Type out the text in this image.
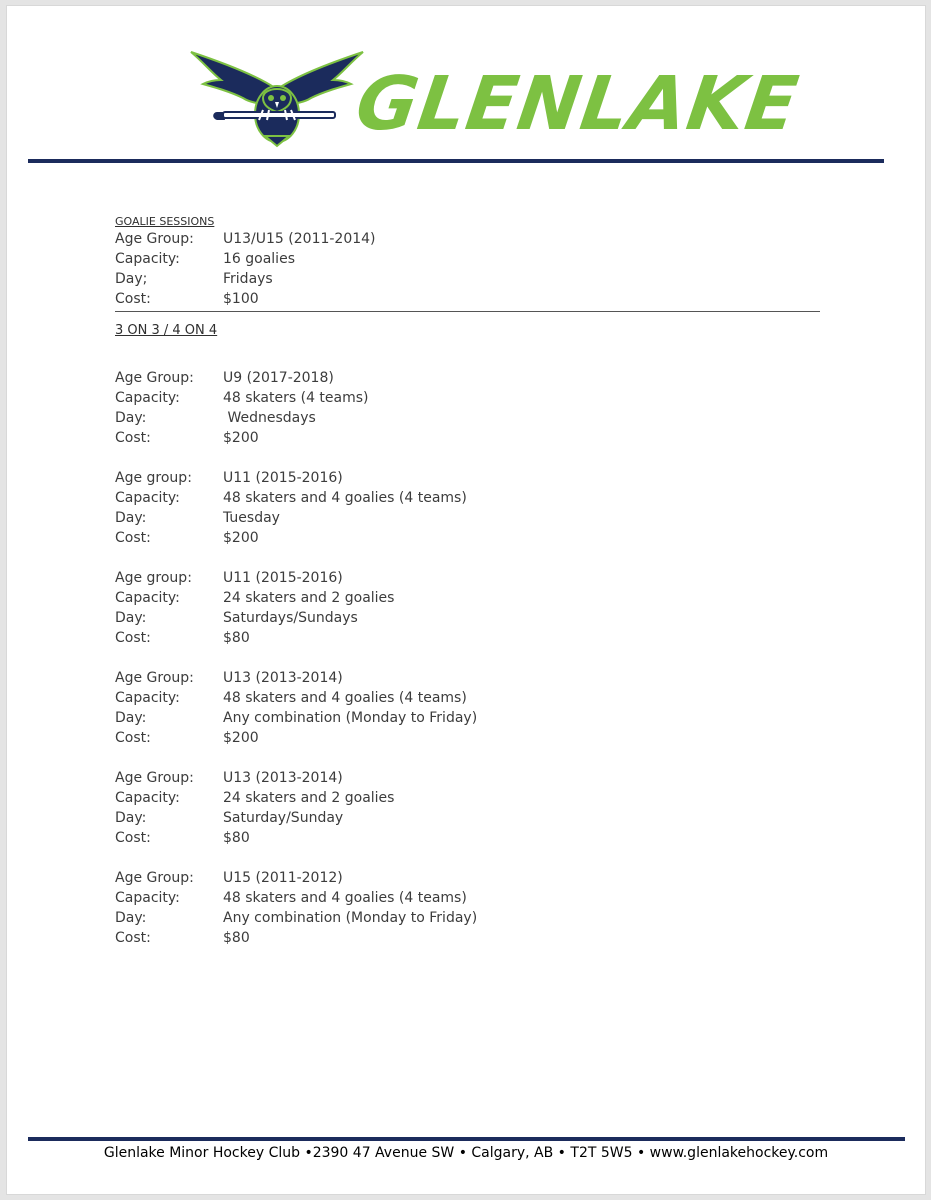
GLENLAKE
GOALIE SESSIONS
Age Group:	U13/U15 (2011-2014)
Capacity:	16 goalies
Day;	Fridays
Cost:	$100
3 ON 3 / 4 ON 4
Age Group:	U9 (2017-2018)
Capacity:	48 skaters (4 teams)
Day:	Wednesdays
Cost:	$200
Age group:	U11 (2015-2016)
Capacity:	48 skaters and 4 goalies (4 teams)
Day:	Tuesday
Cost:	$200
Age group:	U11 (2015-2016)
Capacity:	24 skaters and 2 goalies
Day:	Saturdays/Sundays
Cost:	$80
Age Group:	U13 (2013-2014)
Capacity:	48 skaters and 4 goalies (4 teams)
Day:	Any combination (Monday to Friday)
Cost:	$200
Age Group:	U13 (2013-2014)
Capacity:	24 skaters and 2 goalies
Day:	Saturday/Sunday
Cost:	$80
Age Group:	U15 (2011-2012)
Capacity:	48 skaters and 4 goalies (4 teams)
Day:	Any combination (Monday to Friday)
Cost:	$80
Glenlake Minor Hockey Club •2390 47 Avenue SW • Calgary, AB • T2T 5W5 • www.glenlakehockey.com
